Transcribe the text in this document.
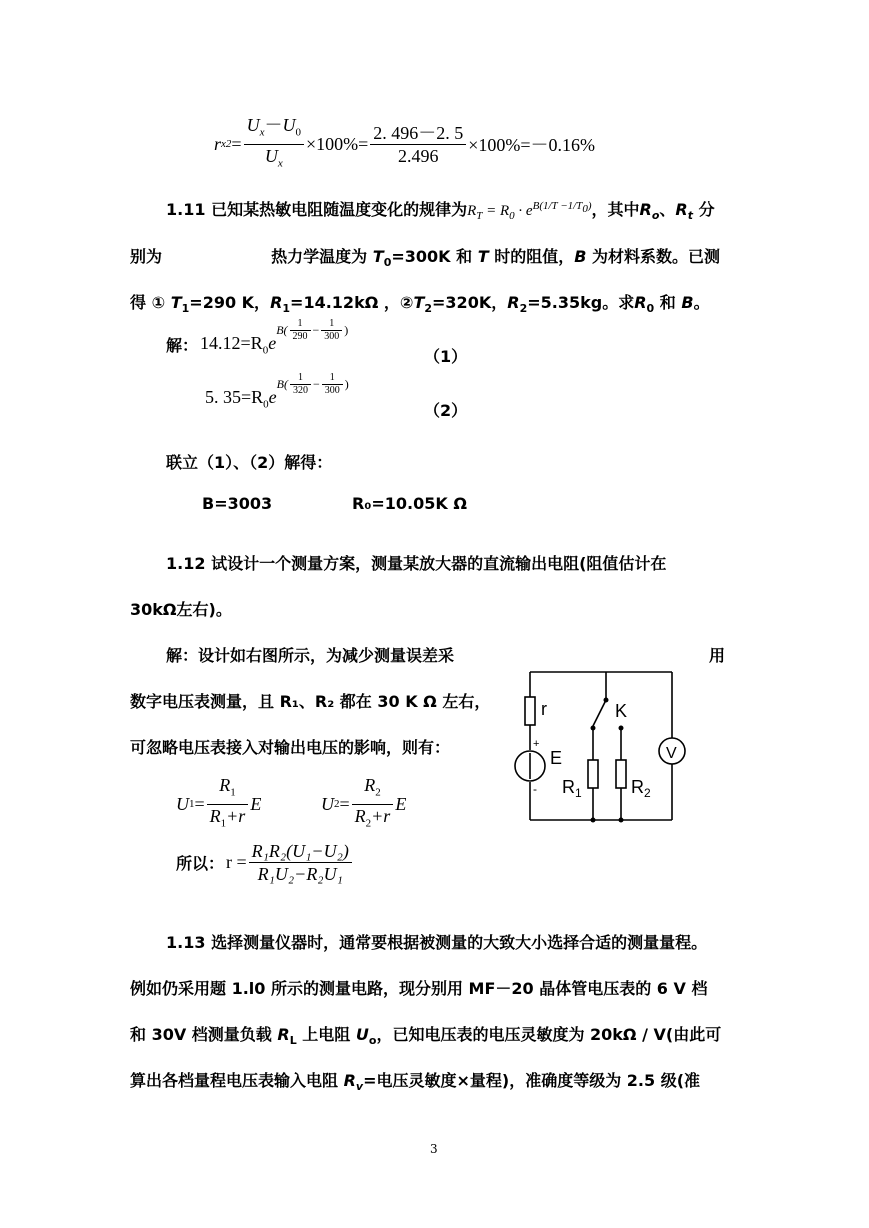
r $x2 = \frac{U_x-U_0}{U_x} \times 100\%= \frac{2. 496-2. 5}{2.496} \times 100\%=-0.16\%$
1.11 已知某热敏电阻随温度变化的规律为$R_T = R_0 \cdot e^{B(1/T -1/T_0)}$，其中$R_o$、$R_t$ 分
别为	热力学温度为 $T_0=300K$ 和 T 时的阻值，B 为材料系数。已测
得 ① $T_1=290$ K，$R_1=14.12k\Omega$ ，$②T_2=320K$，$R_2=5.35kg$。求$R_0$ 和 B。
解： $14.12=R_0e$
$B( \frac{1}{290} - \frac{1}{300}$ )
（1）
5. $35=R_0e$
$B( \frac{1}{320} - \frac{1}{300}$ )
（2）
联立（1）、（2）解得：
B=3003	R₀=10.05K Ω
1.12 试设计一个测量方案，测量某放大器的直流输出电阻(阻值估计在
30kΩ左右)。
解：设计如右图所示，为减少测量误差采	用
数字电压表测量，且 R₁、R₂ 都在 30 K Ω 左右，
可忽略电压表接入对输出电压的影响，则有：
U $1 = \frac{R_1}{R_1+r}$ E	U $2 = \frac{R_2}{R_2+r}$ E
所以： $r = \frac{\text{R₁R₂(U₁−U₂)}}{\text{R₁U₂−R₂U₁}}$
r	K
+
E
-
V
$R_1$	$R_2$
1.13 选择测量仪器时，通常要根据被测量的大致大小选择合适的测量量程。
例如仍采用题 1.l0 所示的测量电路，现分别用 MF－20 晶体管电压表的 6 V 档
和 30V 档测量负载 $R_L$ 上电阻 $U_o$，已知电压表的电压灵敏度为 20kΩ / V(由此可
算出各档量程电压表输入电阻 $R_v=$电压灵敏度×量程)，准确度等级为 2.5 级(准
3
